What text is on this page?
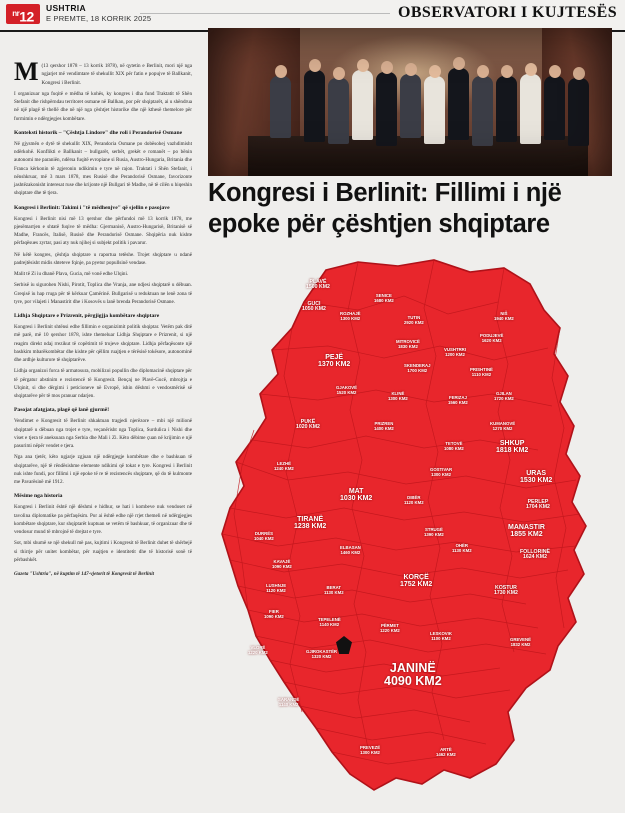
$^{nr}$12
USHTRIA
E PREMTE, 18 KORRIK 2025	OBSERVATORI I KUJTESËS

M(13 qershor 1878 – 13 korrik 1878), në qytetin e Berlinit, mori një nga ngjarjet më vendimtare të shekullit XIX për fatin e popujve të Ballkanit, Kongresi i Berlinit.

I organizuar nga fuqitë e mëdha të kohës, ky kongres i dha fund Traktatit të Shën Stefanit dhe rishpërndau territoret osmane në Ballkan, por për shqiptarët, ai u shëndrua në një plagë të thellë dhe në një nga çështjet historike dhe një kthesë themelore për formimin e ndërgjegjes kombëtare.

Konteksti historik – "Çështja Lindore" dhe roli i Perandorisë Osmane

Në gjysmën e dytë të shekullit XIX, Perandoria Osmane po dobësohej vazhdimisht ndërkohë. Konflikti e Ballkanit – bullgarët, serbët, grekët e romanët – po bënin autonomi me paraniën, ndërsa fuqitë evropiane si Rusia, Austro-Hungaria, Britania dhe Franca kërkonin të zgjeronin ndikimin e tyre në rajon. Traktati i Shën Stefanit, i nënshkruar, më 3 mars 1878, mes Rusisë dhe Perandorisë Osmane, favorizonte jashtëzakonisht interesat ruse dhe krijonte një Bullgari të Madhe, në të cilën u hiqeshin shqiptare dhe të tjera.

Kongresi i Berlinit: Takimi i "të mëdhenjve" që sjellin e pasojave

Kongresi i Berlinit nisi më 13 qershor dhe përfundoi më 13 korrik 1878, me pjesëmarrjen e shtatë fuqive të mëdha: Gjermanisë, Austro-Hungarisë, Britanisë së Madhe, Francës, Italisë, Rusisë dhe Perandorisë Osmane. Shqipëria nuk kishte përfaqësues zyrtar, pasi aty nuk njihej si subjekt politik i pavarur.

Në këtë kongres, çështja shqiptare u raportua tetëshe. Trojet shqiptare u ndanë padrejtësisht midis shteteve fqinje, pa pyetur popullsinë vendase.

Malit të Zi iu dhanë Plava, Gucia, më vonë edhe Ulqini.

Serbisë iu sigurohen Nishi, Pirotit, Toplica dhe Vranja, ane ndjesi shqiptarë u dëbuan. Greqisë iu hap rruga për të kërkuar Çamërinë. Bullgarisë u reduktuan ne lenë zona të tyre, por vilajeti i Manastirit dhe i Kosovës u lanë brenda Perandorisë Osmane.

Lidhja Shqiptare e Prizrenit, përgjigjja kombëtare shqiptare

Kongresi i Berlinit shtënsi edhe fillimin e organizimit politik shqiptar. Vetëm pak ditë më parë, më 10 qershor 1878, ishte themeluar Lidhja Shqiptare e Prizrenit, si një reagim direkt ndaj rrezikut të copëtimit të trojeve shqiptare. Lidhja përfaqësonte një bashkim mbarëkombëtar dhe kishte për qëllim ruajtjen e tërësisë tokësore, autonominë dhe ardhje kulturore të shqiptarëve.

Lidhja organizoi forca të armatosura, mobilizoi popullin dhe diplomacinë shqiptare për të përgatur abstinim e rezistencë të Kongresit. Bençaj ne Plavë-Gucë, mbrojtja e Ulqinit, si dhe dërgimi i peticioneve në Evropë, ishin dëshmi e vendosmërisë së shqiptarëve për të mos pranuar ndarjen.

Pasojat afatgjata, plagë që lanë gjurmë!

Vendimet e Kongresit të Berlinit shkaktuan tragjedi njerëzore – mbi një milionë shqiptarë u dëbuan nga trojet e tyre, veçanërisht nga Toplica, Surdulica i Nishi dhe viset e tjera të aneksuara nga Serbia dhe Mali i Zi. Këto dëbime çuan në krijimin e një pasurimi nëpër vendet e tjera.

Nga ana tjetër, këto ngjarje zgjuan një ndërgjegje kombëtare dhe e bashkuan të shqiptarëve, një të rëndësishme elemente ndikimi që tokat e tyre. Kongresi i Berlinit nuk ishte fundi, por fillimi i një epoke të re të rezistencës shqiptare, që do të kulmonte me Pavarësinë më 1912.

Mësime nga historia

Kongresi i Berlinit është një dëshmi e hidhur, se hati i kombeve nuk vendoset në tavolina diplomatike pa përfaqësim. Por ai është edhe një rrjet themeli në ndërgjegjes kombëtare shqiptare, kur shqiptarët kuptuan se vetëm të bashkuar, të organizuar dhe të vendosur mund të mbrojnë të drejtat e tyre.

Sot, mbi shumë se një shekull më pas, kujtimi i Kongresit të Berlinit duhet të shërbejë si thirrje për unitet kombëtar, për ruajtjen e identitetit dhe të historisë sonë të përbashkët.

Gazeta "Ushtria", në kuptim të 147-vjetorit të Kongresit të Berlinit

Kongresi i Berlinit: Fillimi i një epoke për çështjen shqiptare
PLAVË
1500 KM2
GUCI
1050 KM2
SENICE
1680 KM2
ROZHAJË
1300 KM2	TUTIN
2920 KM2
MITROVICË
1830 KM2
PEJË
1370 KM2
VUSHTRRI
1200 KM2
PODUJEVË
1620 KM2
NIŠ
1940 KM2
SKENDERAJ
1700 KM2	PRISHTINË
1110 KM2
GJAKOVË
1520 KM2	KLINË
1300 KM2	FERIZAJ
1560 KM2
GJILAN
1720 KM2
PRIZREN
1400 KM2
KUMANOVË
1270 KM2
SHKUP
1818 KM2
PUKË
1020 KM2
TETOVË
1080 KM2
GOSTIVAR
1300 KM2	URAS
1530 KM2
LEZHË
1240 KM2
MAT
1030 KM2	DIBËR
1120 KM2	PERLEP
1704 KM2
TIRANË
1238 KM2	STRUGË
1390 KM2
MANASTIR
1855 KM2
DURRËS
1040 KM2
ELBASAN
1460 KM2
OHËR
1130 KM2	FOLLORINË
1624 KM2
KAVAJË
1090 KM2
LUSHNJE
1120 KM2	BERAT
1130 KM2
KORÇË
1752 KM2	KOSTUR
1730 KM2
FIER
1090 KM2
TEPELENË
1140 KM2	PËRMET
1220 KM2
LESKOVIK
1100 KM2	GREVENË
1832 KM2
VLORË
1220 KM2	GJIROKASTËR
1320 KM2
JANINË
4090 KM2
SARANDË
1140 KM2
PREVEZË
1300 KM2	ARTË
1462 KM2
